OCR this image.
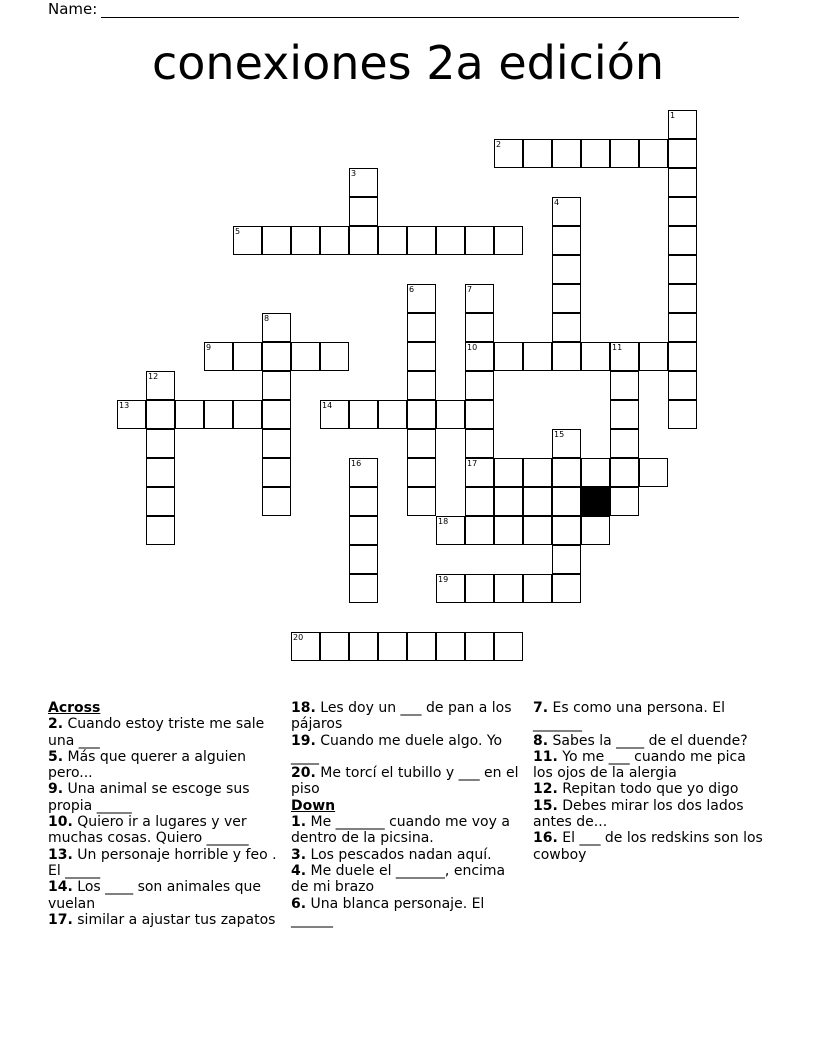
Name:
conexiones 2a edición
1
2
3
4
5
6	7
8
9	10	11
12
13	14
15
16	17
18
19
20
Across
2. Cuando estoy triste me sale una ___
5. Más que querer a alguien pero...
9. Una animal se escoge sus propia _____
10. Quiero ir a lugares y ver muchas cosas. Quiero ______
13. Un personaje horrible y feo . El _____
14. Los ____ son animales que vuelan
17. similar a ajustar tus zapatos
18. Les doy un ___ de pan a los pájaros
19. Cuando me duele algo. Yo ____
20. Me torcí el tubillo y ___ en el piso
Down
1. Me _______ cuando me voy a dentro de la picsina.
3. Los pescados nadan aquí.
4. Me duele el _______, encima de mi brazo
6. Una blanca personaje. El ______
7. Es como una persona. El _______
8. Sabes la ____ de el duende?
11. Yo me ___ cuando me pica los ojos de la alergia
12. Repitan todo que yo digo
15. Debes mirar los dos lados antes de...
16. El ___ de los redskins son los cowboy
